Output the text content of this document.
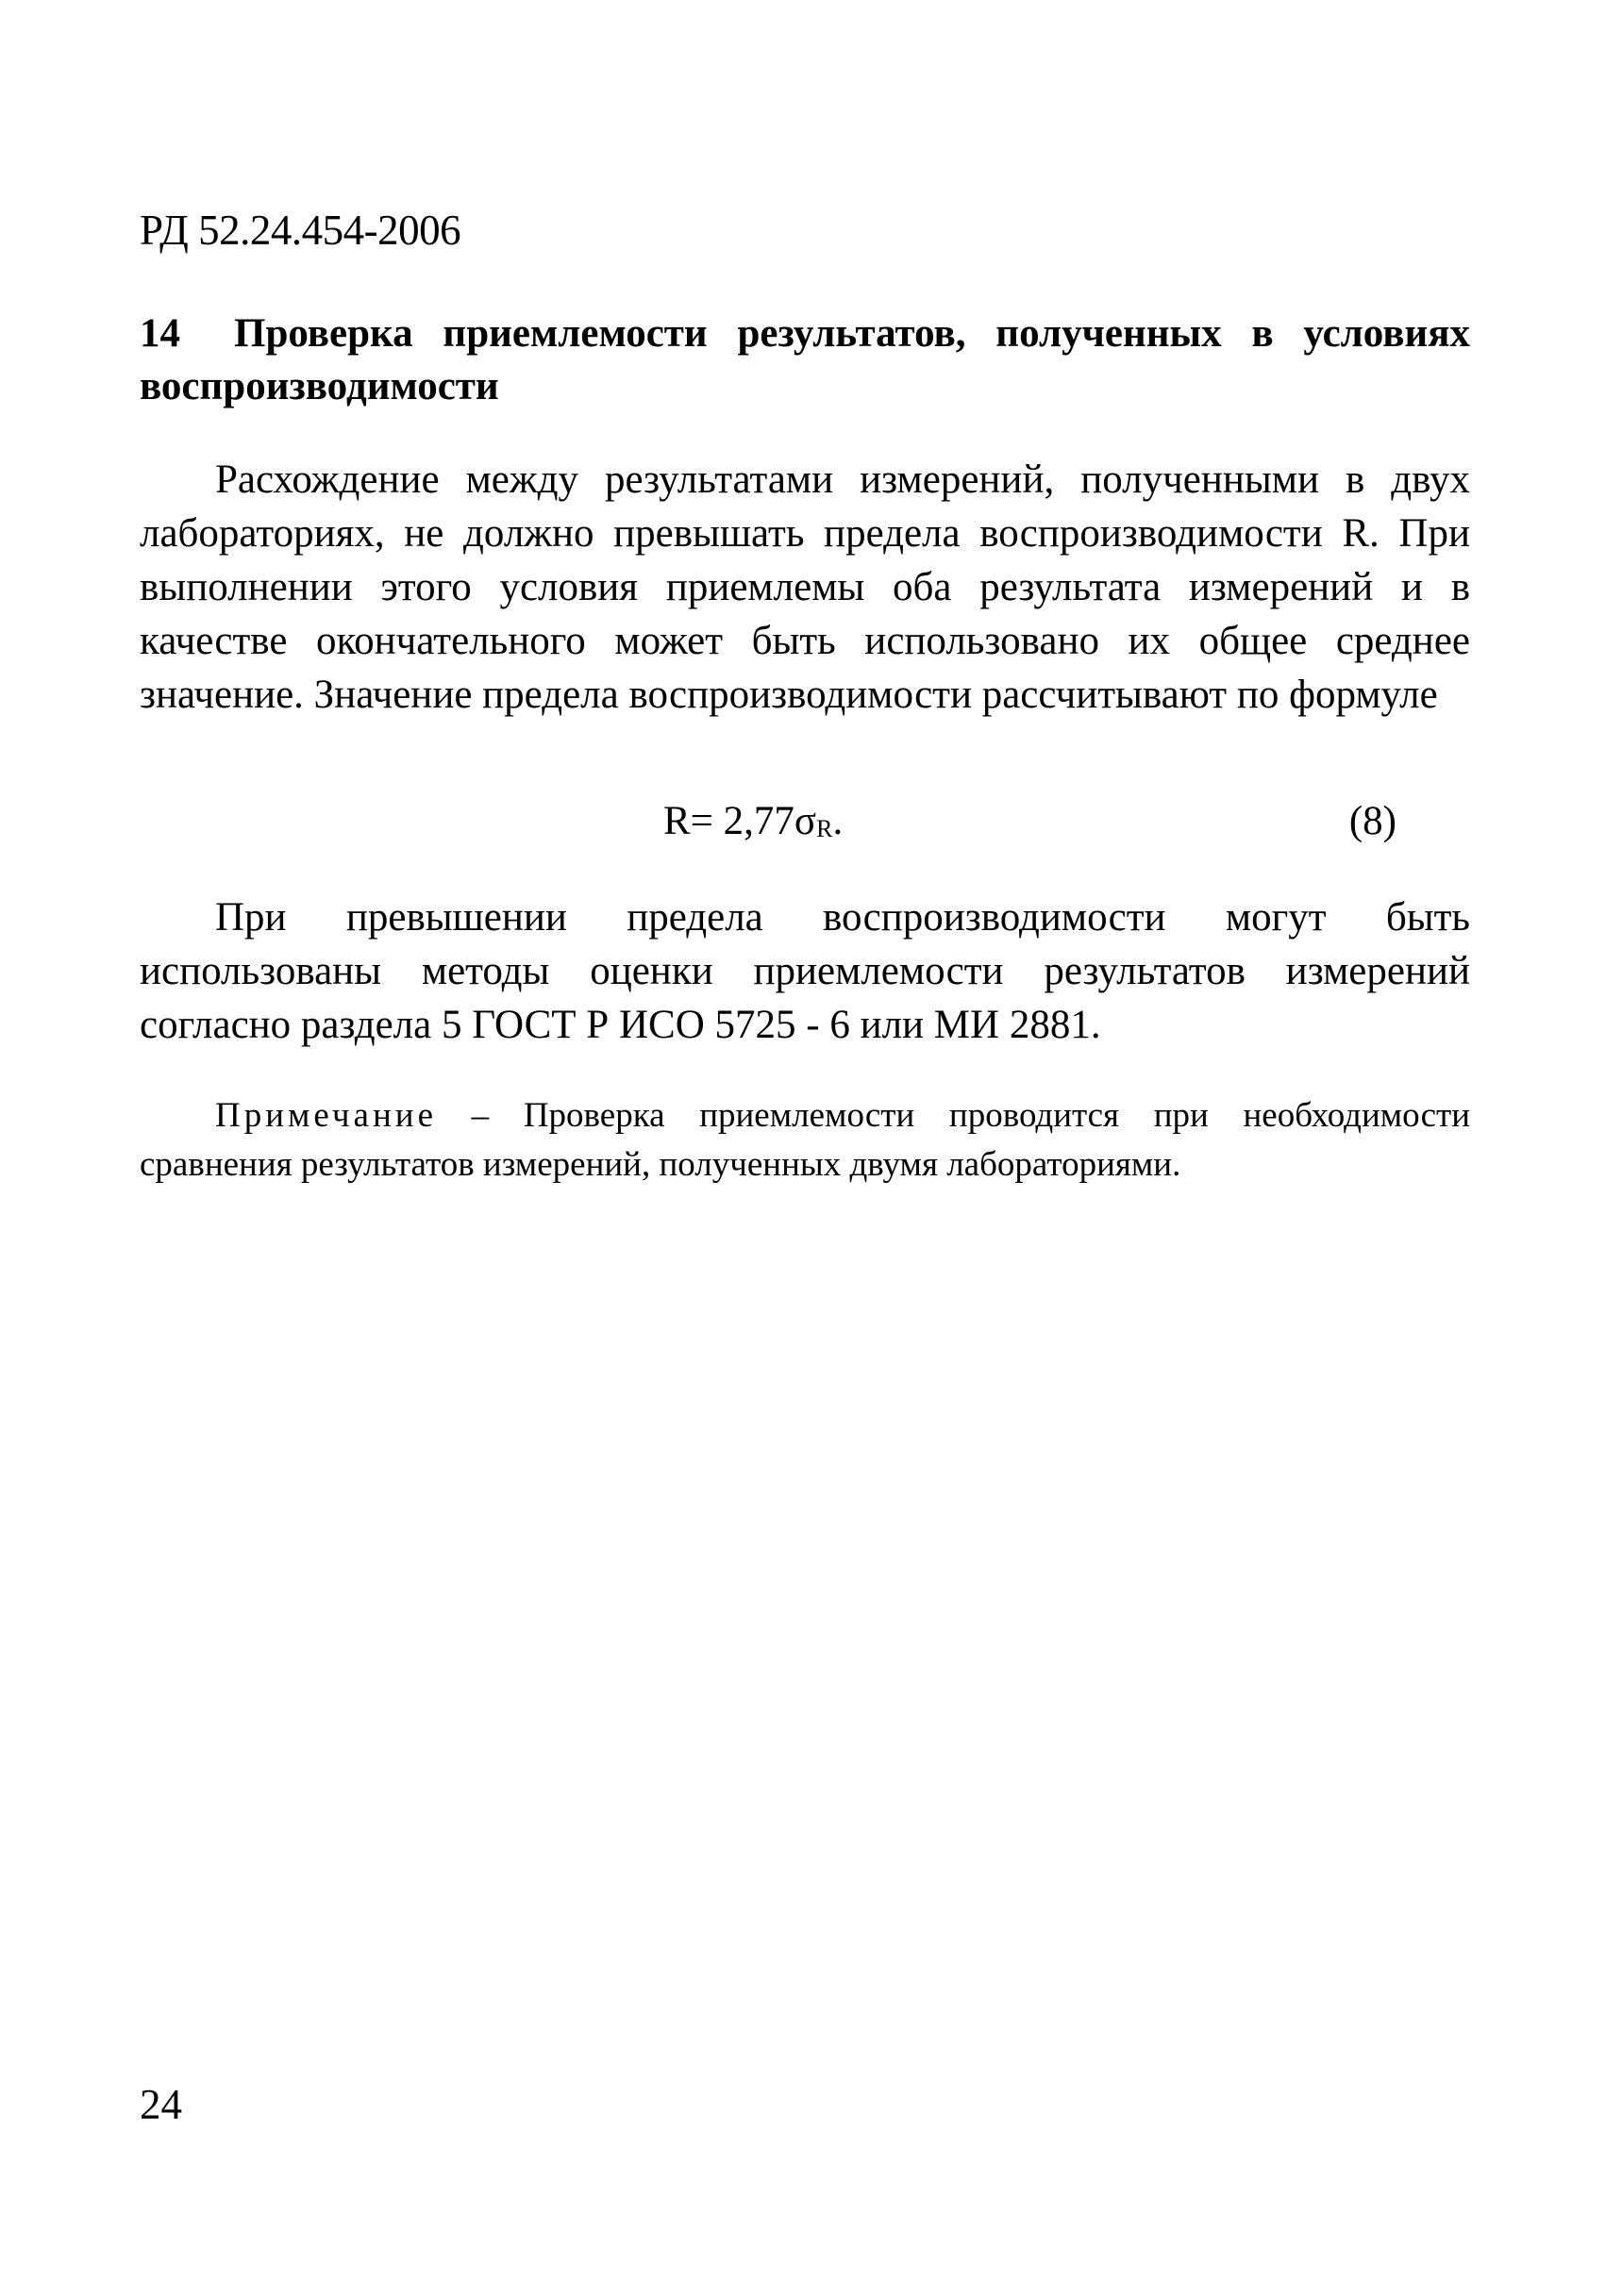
РД 52.24.454-2006
14 Проверка приемлемости результатов, полученных в условиях воспроизводимости

Расхождение между результатами измерений, полученными в двух лабораториях, не должно превышать предела воспроизводимости R. При выполнении этого условия приемлемы оба результата измерений и в качестве окончательного может быть использовано их общее среднее значение. Значение предела воспроизводимости рассчитывают по формуле

R= 2,77σR.	(8)

При превышении предела воспроизводимости могут быть использованы методы оценки приемлемости результатов измерений согласно раздела 5 ГОСТ Р ИСО 5725 - 6 или МИ 2881.

Примечание – Проверка приемлемости проводится при необходимости сравнения результатов измерений, полученных двумя лабораториями.

24
